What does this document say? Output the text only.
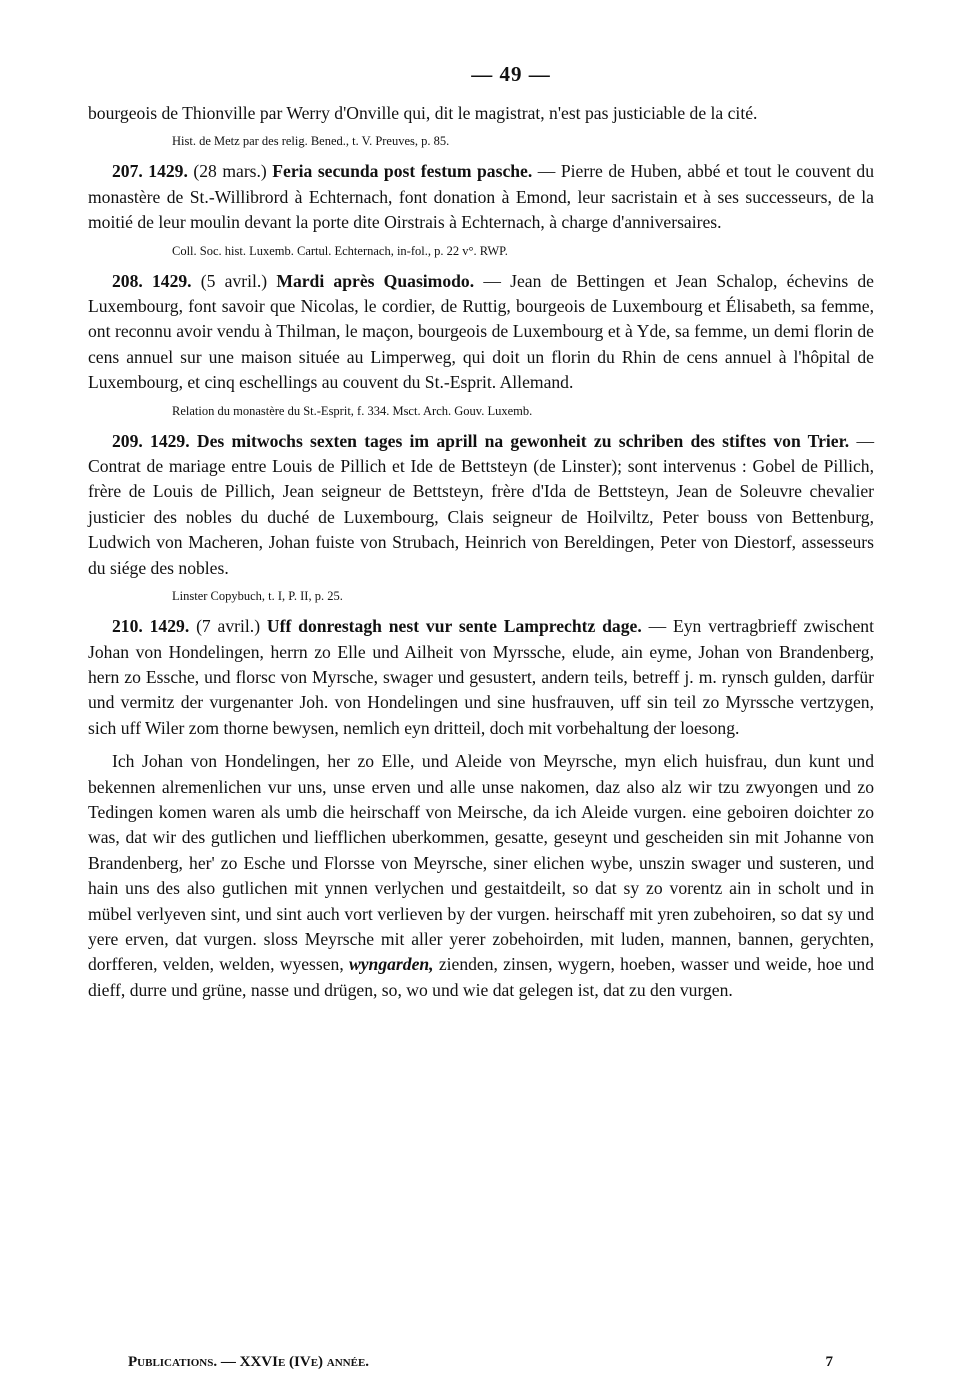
— 49 —

bourgeois de Thionville par Werry d'Onville qui, dit le magistrat, n'est pas justiciable de la cité.

Hist. de Metz par des relig. Bened., t. V. Preuves, p. 85.

207. 1429. (28 mars.) Feria secunda post festum pasche. — Pierre de Huben, abbé et tout le couvent du monastère de St.-Willibrord à Echternach, font donation à Emond, leur sacristain et à ses successeurs, de la moitié de leur moulin devant la porte dite Oirstrais à Echternach, à charge d'anniversaires.

Coll. Soc. hist. Luxemb. Cartul. Echternach, in-fol., p. 22 v°. RWP.

208. 1429. (5 avril.) Mardi après Quasimodo. — Jean de Bettingen et Jean Schalop, échevins de Luxembourg, font savoir que Nicolas, le cordier, de Ruttig, bourgeois de Luxembourg et Élisabeth, sa femme, ont reconnu avoir vendu à Thilman, le maçon, bourgeois de Luxembourg et à Yde, sa femme, un demi florin de cens annuel sur une maison située au Limperweg, qui doit un florin du Rhin de cens annuel à l'hôpital de Luxembourg, et cinq eschellings au couvent du St.-Esprit. Allemand.

Relation du monastère du St.-Esprit, f. 334. Msct. Arch. Gouv. Luxemb.

209. 1429. Des mitwochs sexten tages im aprill na gewonheit zu schriben des stiftes von Trier. — Contrat de mariage entre Louis de Pillich et Ide de Bettsteyn (de Linster); sont intervenus : Gobel de Pillich, frère de Louis de Pillich, Jean seigneur de Bettsteyn, frère d'Ida de Bettsteyn, Jean de Soleuvre chevalier justicier des nobles du duché de Luxembourg, Clais seigneur de Hoilviltz, Peter bouss von Bettenburg, Ludwich von Macheren, Johan fuiste von Strubach, Heinrich von Bereldingen, Peter von Diestorf, assesseurs du siége des nobles.

Linster Copybuch, t. I, P. II, p. 25.

210. 1429. (7 avril.) Uff donrestagh nest vur sente Lamprechtz dage. — Eyn vertragbrieff zwischent Johan von Hondelingen, herrn zo Elle und Ailheit von Myrssche, elude, ain eyme, Johan von Brandenberg, hern zo Essche, und florsc von Myrsche, swager und gesustert, andern teils, betreff j. m. rynsch gulden, darfür und vermitz der vurgenanter Joh. von Hondelingen und sine husfrauven, uff sin teil zo Myrssche vertzygen, sich uff Wiler zom thorne bewysen, nemlich eyn dritteil, doch mit vorbehaltung der loesong.

Ich Johan von Hondelingen, her zo Elle, und Aleide von Meyrsche, myn elich huisfrau, dun kunt und bekennen alremenlichen vur uns, unse erven und alle unse nakomen, daz also alz wir tzu zwyongen und zo Tedingen komen waren als umb die heirschaff von Meirsche, da ich Aleide vurgen. eine geboiren doichter zo was, dat wir des gutlichen und liefflichen uberkommen, gesatte, geseynt und gescheiden sin mit Johanne von Brandenberg, her' zo Esche und Florsse von Meyrsche, siner elichen wybe, unszin swager und susteren, und hain uns des also gutlichen mit ynnen verlychen und gestaitdeilt, so dat sy zo vorentz ain in scholt und in mübel verlyeven sint, und sint auch vort verlieven by der vurgen. heirschaff mit yren zubehoiren, so dat sy und yere erven, dat vurgen. sloss Meyrsche mit aller yerer zobehoirden, mit luden, mannen, bannen, gerychten, dorfferen, velden, welden, wyessen, wyngarden, zienden, zinsen, wygern, hoeben, wasser und weide, hoe und dieff, durre und grüne, nasse und drügen, so, wo und wie dat gelegen ist, dat zu den vurgen.

Publications. — XXVIe (IVe) année.	7
